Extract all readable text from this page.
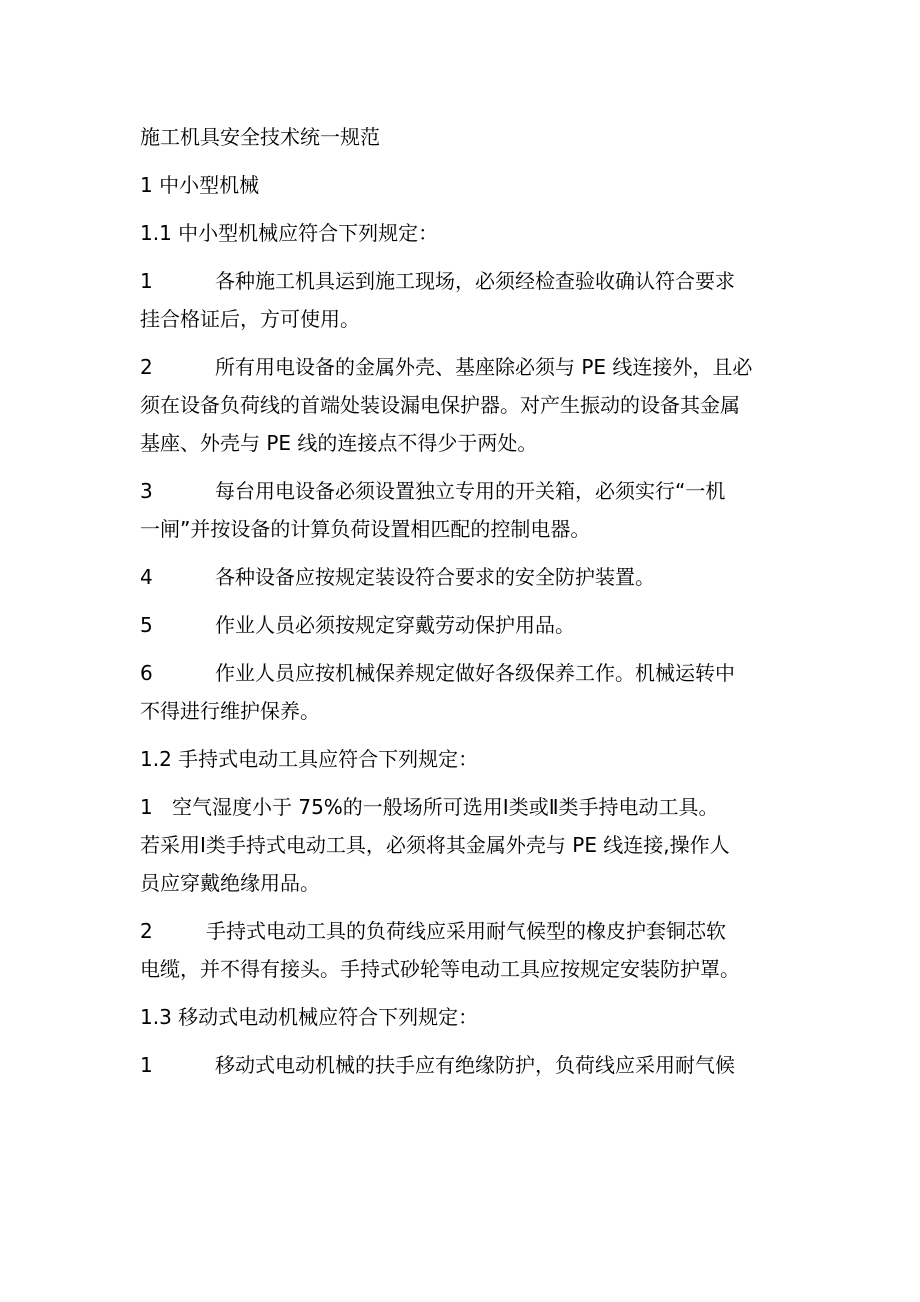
施工机具安全技术统一规范
1 中小型机械
1.1 中小型机械应符合下列规定：
1	各种施工机具运到施工现场，必须经检查验收确认符合要求
挂合格证后，方可使用。
2	所有用电设备的金属外壳、基座除必须与 PE 线连接外，且必
须在设备负荷线的首端处装设漏电保护器。对产生振动的设备其金属
基座、外壳与 PE 线的连接点不得少于两处。
3	每台用电设备必须设置独立专用的开关箱，必须实行“一机
一闸”并按设备的计算负荷设置相匹配的控制电器。
4	各种设备应按规定装设符合要求的安全防护装置。
5	作业人员必须按规定穿戴劳动保护用品。
6	作业人员应按机械保养规定做好各级保养工作。机械运转中
不得进行维护保养。
1.2 手持式电动工具应符合下列规定：
1 空气湿度小于 75%的一般场所可选用Ⅰ类或Ⅱ类手持电动工具。
若采用Ⅰ类手持式电动工具，必须将其金属外壳与 PE 线连接,操作人
员应穿戴绝缘用品。
2	手持式电动工具的负荷线应采用耐气候型的橡皮护套铜芯软
电缆，并不得有接头。手持式砂轮等电动工具应按规定安装防护罩。
1.3 移动式电动机械应符合下列规定：
1	移动式电动机械的扶手应有绝缘防护，负荷线应采用耐气候
